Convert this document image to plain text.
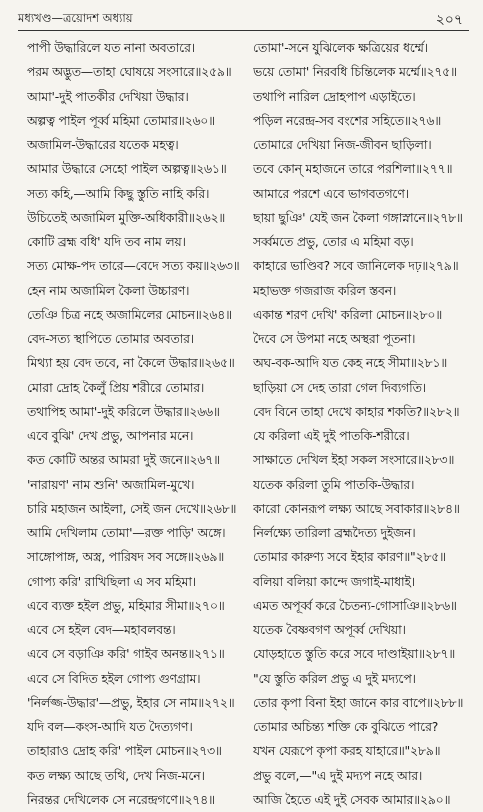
মধ্যখণ্ড—ত্রয়োদশ অধ্যায়	২০৭
পাপী উদ্ধারিলে যত নানা অবতারে।
পরম অদ্ভুত—তাহা ঘোষয়ে সংসারে॥২৫৯॥
আমা'-দুই পাতকীর দেখিয়া উদ্ধার।
অল্পত্ব পাইল পূর্ব্ব মহিমা তোমার॥২৬০॥
অজামিল-উদ্ধারের যতেক মহত্ব।
আমার উদ্ধারে সেহো পাইল অল্পত্ব॥২৬১॥
সত্য কহি,—আমি কিছু স্তুতি নাহি করি।
উচিতেই অজামিল মুক্তি-অধিকারী॥২৬২॥
কোটি ব্রহ্ম বধি' যদি তব নাম লয়।
সত্য মোক্ষ-পদ তারে—বেদে সত্য কয়॥২৬৩॥
হেন নাম অজামিল কৈলা উচ্চারণ।
তেঞি চিত্র নহে অজামিলের মোচন॥২৬৪॥
বেদ-সত্য স্থাপিতে তোমার অবতার।
মিথ্যা হয় বেদ তবে, না কৈলে উদ্ধার॥২৬৫॥
মোরা দ্রোহ কৈলুঁ প্রিয় শরীরে তোমার।
তথাপিহ আমা'-দুই করিলে উদ্ধার॥২৬৬॥
এবে বুঝি' দেখ প্রভু, আপনার মনে।
কত কোটি অন্তর আমরা দুই জনে॥২৬৭॥
'নারায়ণ' নাম শুনি' অজামিল-মুখে।
চারি মহাজন আইলা, সেই জন দেখে॥২৬৮॥
আমি দেখিলাম তোমা'—রক্ত পাড়ি' অঙ্গে।
সাঙ্গোপাঙ্গ, অস্ত্র, পারিষদ সব সঙ্গে॥২৬৯॥
গোপ্য করি' রাখিছিলা এ সব মহিমা।
এবে ব্যক্ত হইল প্রভু, মহিমার সীমা॥২৭০॥
এবে সে হইল বেদ—মহাবলবন্ত।
এবে সে বড়াঞি করি' গাইব অনন্ত॥২৭১॥
এবে সে বিদিত হইল গোপ্য গুণগ্রাম।
'নির্লজ্জ-উদ্ধার'—প্রভু, ইহার সে নাম॥২৭২॥
যদি বল—কংস-আদি যত দৈত্যগণ।
তাহারাও দ্রোহ করি' পাইল মোচন॥২৭৩॥
কত লক্ষ্য আছে তথি, দেখ নিজ-মনে।
নিরন্তর দেখিলেক সে নরেন্দ্রগণে॥২৭৪॥
তোমা'-সনে যুঝিলেক ক্ষত্রিয়ের ধর্ম্মে।
ভয়ে তোমা' নিরবধি চিন্তিলেক মর্ম্মে॥২৭৫॥
তথাপি নারিল দ্রোহপাপ এড়াইতে।
পড়িল নরেন্দ্র-সব বংশের সহিতে॥২৭৬॥
তোমারে দেখিয়া নিজ-জীবন ছাড়িলা।
তবে কোন্ মহাজনে তারে পরশিলা॥২৭৭॥
আমারে পরশে এবে ভাগবতগণে।
ছায়া ছুঞি' যেই জন কৈলা গঙ্গাস্নানে॥২৭৮॥
সর্ব্বমতে প্রভু, তোর এ মহিমা বড়।
কাহারে ভাণ্ডিব? সবে জানিলেক দঢ়॥২৭৯॥
মহাভক্ত গজরাজ করিল স্তবন।
একান্ত শরণ দেখি' করিলা মোচন॥২৮০॥
দৈবে সে উপমা নহে অস্থরা পূতনা।
অঘ-বক-আদি যত কেহ নহে সীমা॥২৮১॥
ছাড়িয়া সে দেহ তারা গেল দিব্যগতি।
বেদ বিনে তাহা দেখে কাহার শকতি?॥২৮২॥
যে করিলা এই দুই পাতকি-শরীরে।
সাক্ষাতে দেখিল ইহা সকল সংসারে॥২৮৩॥
যতেক করিলা তুমি পাতকি-উদ্ধার।
কারো কোনরূপ লক্ষ্য আছে সবাকার॥২৮৪॥
নির্লক্ষ্যে তারিলা ব্রহ্মদৈত্য দুইজন।
তোমার কারুণ্য সবে ইহার কারণ॥"২৮৫॥
বলিয়া বলিয়া কান্দে জগাই-মাধাই।
এমত অপূর্ব্ব করে চৈতন্য-গোসাঞি॥২৮৬॥
যতেক বৈষ্ণবগণ অপূর্ব্ব দেখিয়া।
যোড়হাতে স্তুতি করে সবে দাণ্ডাইয়া॥২৮৭॥
"যে স্তুতি করিল প্রভু এ দুই মদ্যপে।
তোর কৃপা বিনা ইহা জানে কার বাপে॥২৮৮॥
তোমার অচিন্ত্য শক্তি কে বুঝিতে পারে?
যখন যেরূপে কৃপা করহ যাহারে॥"২৮৯॥
প্রভু বলে,—"এ দুই মদ্যপ নহে আর।
আজি হৈতে এই দুই সেবক আমার॥২৯০॥
